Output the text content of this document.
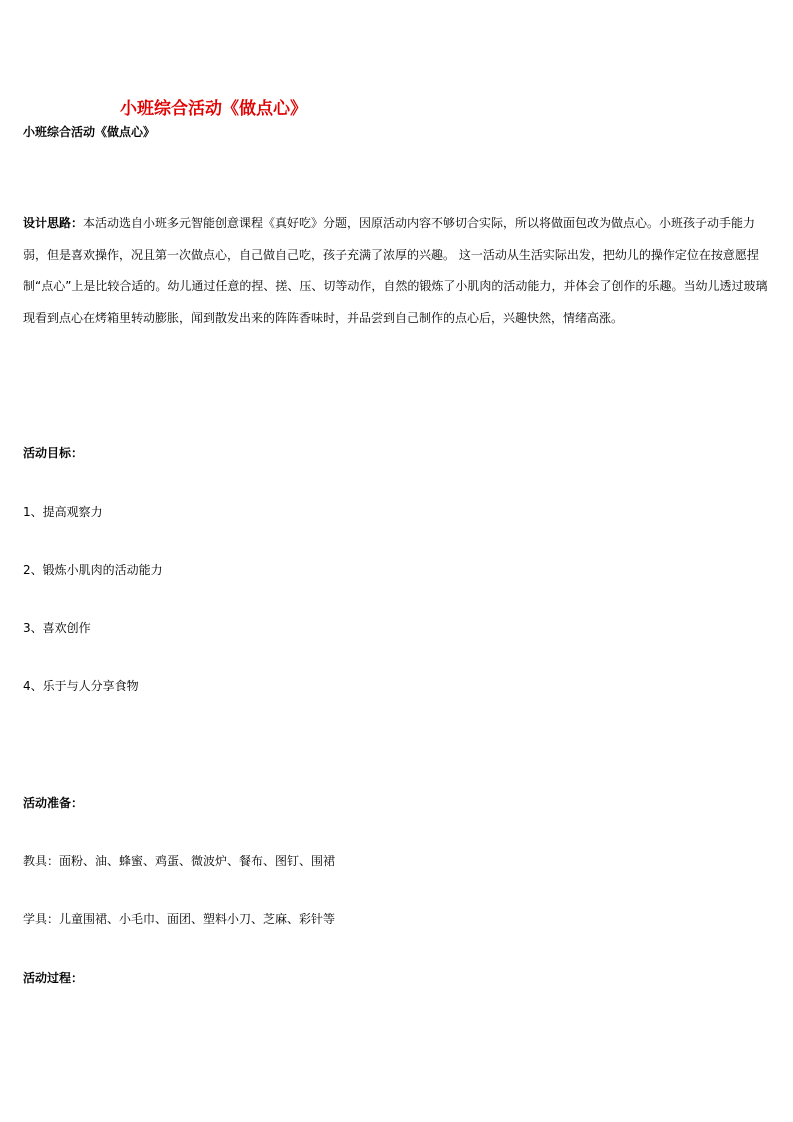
小班综合活动《做点心》
小班综合活动《做点心》
设计思路：本活动选自小班多元智能创意课程《真好吃》分题，因原活动内容不够切合实际，所以将做面包改为做点心。小班孩子动手能力弱，但是喜欢操作，况且第一次做点心，自己做自己吃，孩子充满了浓厚的兴趣。 这一活动从生活实际出发，把幼儿的操作定位在按意愿捏制“点心”上是比较合适的。幼儿通过任意的捏、搓、压、切等动作，自然的锻炼了小肌肉的活动能力，并体会了创作的乐趣。当幼儿透过玻璃现看到点心在烤箱里转动膨胀，闻到散发出来的阵阵香味时，并品尝到自己制作的点心后，兴趣快然，情绪高涨。
活动目标：
1、提高观察力
2、锻炼小肌肉的活动能力
3、喜欢创作
4、乐于与人分享食物
活动准备：
教具：面粉、油、蜂蜜、鸡蛋、微波炉、餐布、图钉、围裙
学具：儿童围裙、小毛巾、面团、塑料小刀、芝麻、彩针等
活动过程：
